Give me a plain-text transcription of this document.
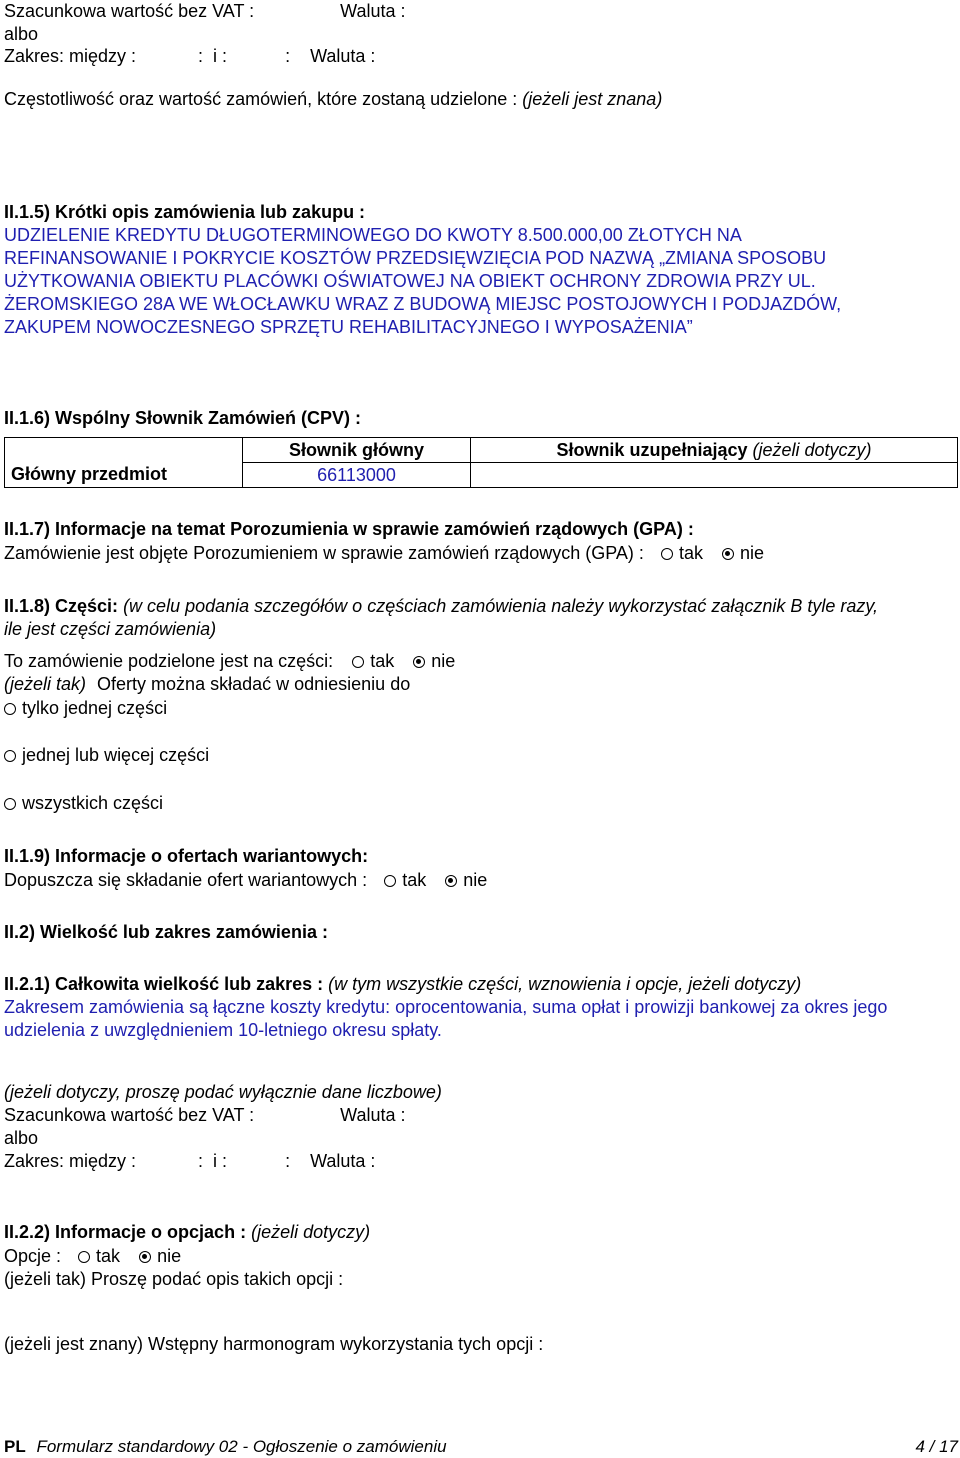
Szacunkowa wartość bez VAT :	Waluta :
albo
Zakres: między :	: i :	: Waluta :
Częstotliwość oraz wartość zamówień, które zostaną udzielone : (jeżeli jest znana)
II.1.5) Krótki opis zamówienia lub zakupu :
UDZIELENIE KREDYTU DŁUGOTERMINOWEGO DO KWOTY 8.500.000,00 ZŁOTYCH NA
REFINANSOWANIE I POKRYCIE KOSZTÓW PRZEDSIĘWZIĘCIA POD NAZWĄ „ZMIANA SPOSOBU
UŻYTKOWANIA OBIEKTU PLACÓWKI OŚWIATOWEJ NA OBIEKT OCHRONY ZDROWIA PRZY UL.
ŻEROMSKIEGO 28A WE WŁOCŁAWKU WRAZ Z BUDOWĄ MIEJSC POSTOJOWYCH I PODJAZDÓW,
ZAKUPEM NOWOCZESNEGO SPRZĘTU REHABILITACYJNEGO I WYPOSAŻENIA”
II.1.6) Wspólny Słownik Zamówień (CPV) :
	Słownik główny	Słownik uzupełniający (jeżeli dotyczy)
Główny przedmiot	66113000	
II.1.7) Informacje na temat Porozumienia w sprawie zamówień rządowych (GPA) :
Zamówienie jest objęte Porozumieniem w sprawie zamówień rządowych (GPA) : tak nie
II.1.8) Części: (w celu podania szczegółów o częściach zamówienia należy wykorzystać załącznik B tyle razy,
ile jest części zamówienia)
To zamówienie podzielone jest na części: tak nie
(jeżeli tak) Oferty można składać w odniesieniu do
tylko jednej części
jednej lub więcej części
wszystkich części
II.1.9) Informacje o ofertach wariantowych:
Dopuszcza się składanie ofert wariantowych : tak nie
II.2) Wielkość lub zakres zamówienia :
II.2.1) Całkowita wielkość lub zakres : (w tym wszystkie części, wznowienia i opcje, jeżeli dotyczy)
Zakresem zamówienia są łączne koszty kredytu: oprocentowania, suma opłat i prowizji bankowej za okres jego
udzielenia z uwzględnieniem 10-letniego okresu spłaty.
(jeżeli dotyczy, proszę podać wyłącznie dane liczbowe)
Szacunkowa wartość bez VAT :	Waluta :
albo
Zakres: między :	: i :	: Waluta :
II.2.2) Informacje o opcjach : (jeżeli dotyczy)
Opcje : tak nie
(jeżeli tak) Proszę podać opis takich opcji :
(jeżeli jest znany) Wstępny harmonogram wykorzystania tych opcji :
PL Formularz standardowy 02 - Ogłoszenie o zamówieniu	4 / 17
